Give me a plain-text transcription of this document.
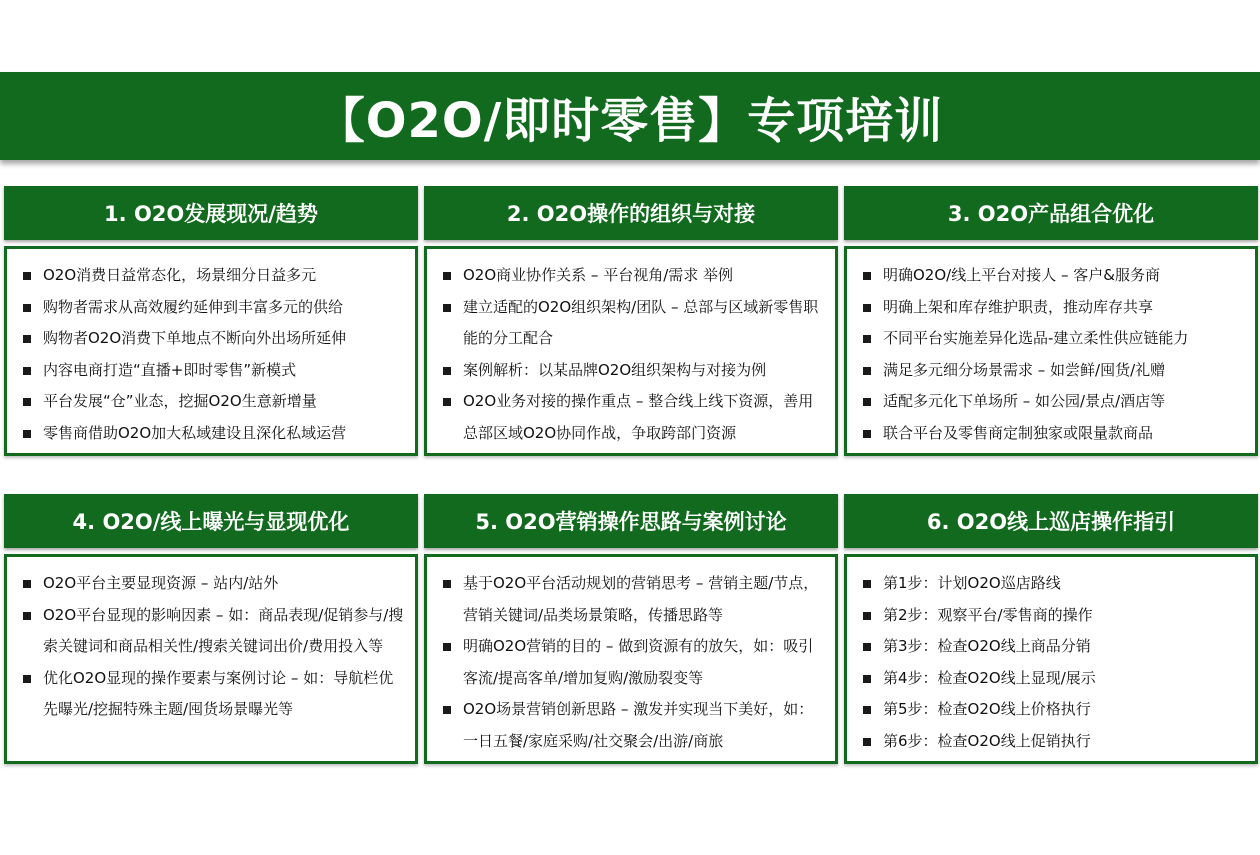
【O2O/即时零售】专项培训
1. O2O发展现况/趋势
O2O消费日益常态化，场景细分日益多元
购物者需求从高效履约延伸到丰富多元的供给
购物者O2O消费下单地点不断向外出场所延伸
内容电商打造“直播+即时零售”新模式
平台发展“仓”业态，挖掘O2O生意新增量
零售商借助O2O加大私域建设且深化私域运营
2. O2O操作的组织与对接
O2O商业协作关系 – 平台视角/需求 举例
建立适配的O2O组织架构/团队 – 总部与区域新零售职能的分工配合
案例解析：以某品牌O2O组织架构与对接为例
O2O业务对接的操作重点 – 整合线上线下资源，善用总部区域O2O协同作战，争取跨部门资源
3. O2O产品组合优化
明确O2O/线上平台对接人 – 客户&服务商
明确上架和库存维护职责，推动库存共享
不同平台实施差异化选品-建立柔性供应链能力
满足多元细分场景需求 – 如尝鲜/囤货/礼赠
适配多元化下单场所 – 如公园/景点/酒店等
联合平台及零售商定制独家或限量款商品
4. O2O/线上曝光与显现优化
O2O平台主要显现资源 – 站内/站外
O2O平台显现的影响因素 – 如：商品表现/促销参与/搜索关键词和商品相关性/搜索关键词出价/费用投入等
优化O2O显现的操作要素与案例讨论 – 如：导航栏优先曝光/挖掘特殊主题/囤货场景曝光等
5. O2O营销操作思路与案例讨论
基于O2O平台活动规划的营销思考 – 营销主题/节点，营销关键词/品类场景策略，传播思路等
明确O2O营销的目的 – 做到资源有的放矢，如：吸引客流/提高客单/增加复购/激励裂变等
O2O场景营销创新思路 – 激发并实现当下美好，如：一日五餐/家庭采购/社交聚会/出游/商旅
6. O2O线上巡店操作指引
第1步：计划O2O巡店路线
第2步：观察平台/零售商的操作
第3步：检查O2O线上商品分销
第4步：检查O2O线上显现/展示
第5步：检查O2O线上价格执行
第6步：检查O2O线上促销执行
